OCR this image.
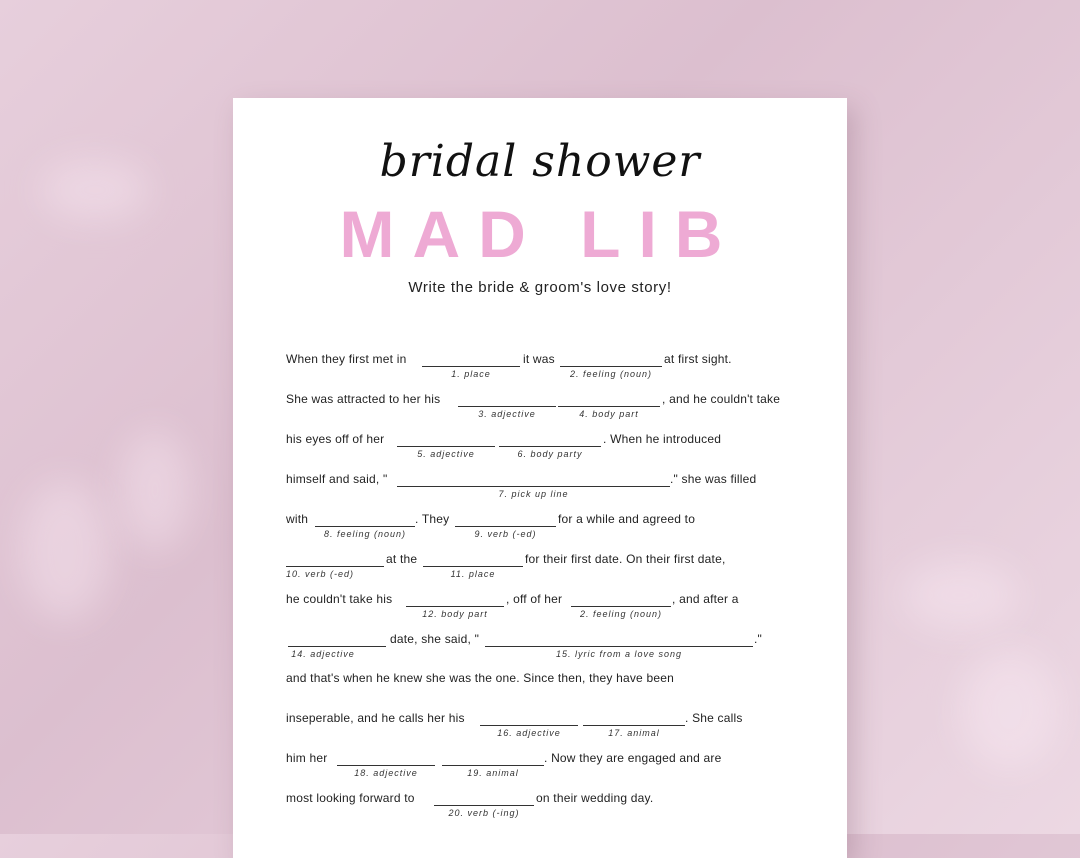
bridal shower
MAD LIB
Write the bride & groom's love story!
When they first met in
1. place
it was
2. feeling (noun)
at first sight.
She was attracted to her his
3. adjective	4. body part
, and he couldn't take
his eyes off of her
5. adjective	6. body party
. When he introduced
himself and said, "
7. pick up line
." she was filled
with
8. feeling (noun)
. They
9. verb (-ed)
for a while and agreed to
10. verb (-ed)
at the
11. place
for their first date. On their first date,
he couldn't take his
12. body part
, off of her
2. feeling (noun)
, and after a
14. adjective
date, she said, "
15. lyric from a love song
."
and that's when he knew she was the one. Since then, they have been
inseperable, and he calls her his
16. adjective	17. animal
. She calls
him her
18. adjective	19. animal
. Now they are engaged and are
most looking forward to
20. verb (-ing)
on their wedding day.
